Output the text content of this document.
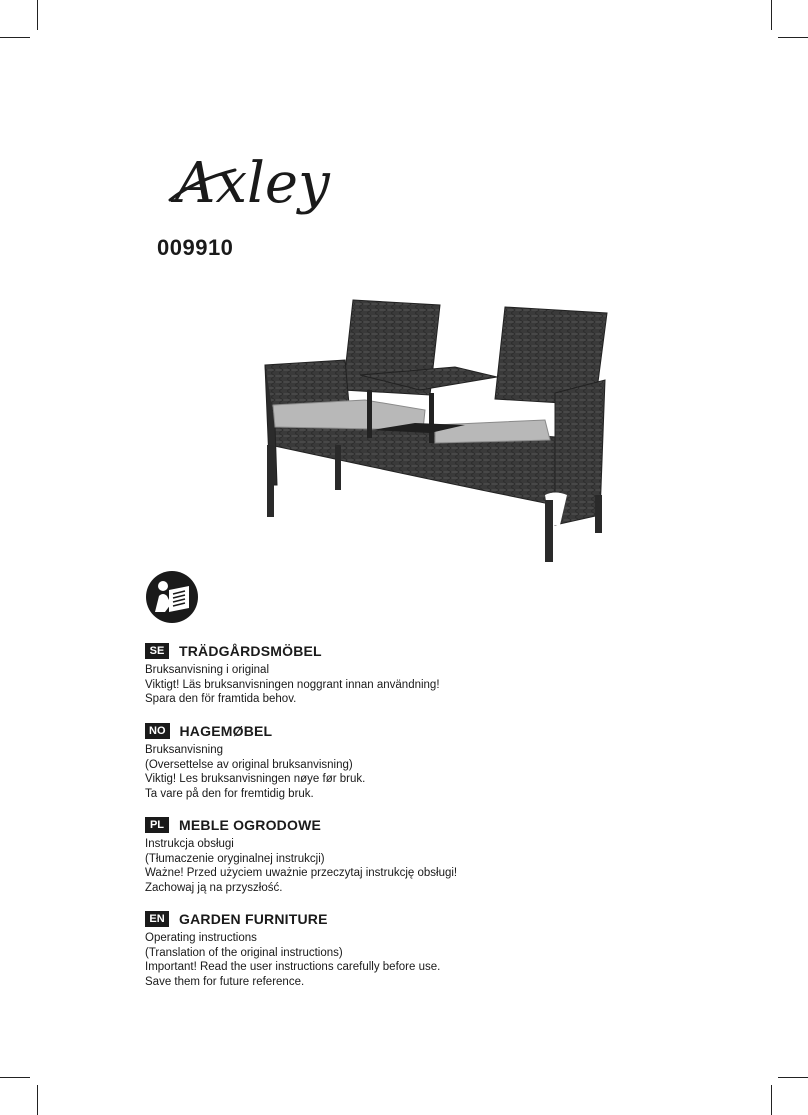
Axley
009910
SE	TRÄDGÅRDSMÖBEL
Bruksanvisning i original
Viktigt! Läs bruksanvisningen noggrant innan användning!
Spara den för framtida behov.
NO HAGEMØBEL
Bruksanvisning
(Oversettelse av original bruksanvisning)
Viktig! Les bruksanvisningen nøye før bruk.
Ta vare på den for fremtidig bruk.
PL	MEBLE OGRODOWE
Instrukcja obsługi
(Tłumaczenie oryginalnej instrukcji)
Ważne! Przed użyciem uważnie przeczytaj instrukcję obsługi!
Zachowaj ją na przyszłość.
EN	GARDEN FURNITURE
Operating instructions
(Translation of the original instructions)
Important! Read the user instructions carefully before use.
Save them for future reference.
